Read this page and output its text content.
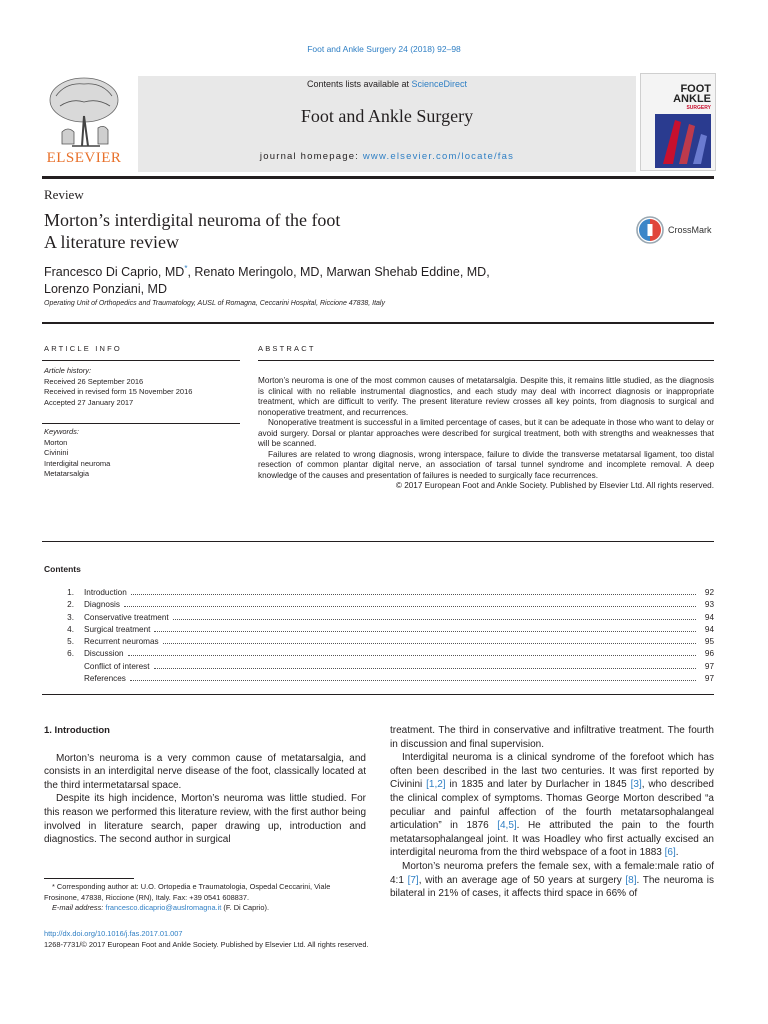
Foot and Ankle Surgery 24 (2018) 92–98
ELSEVIER
Contents lists available at ScienceDirect
Foot and Ankle Surgery
journal homepage: www.elsevier.com/locate/fas
FOOT
ANKLE
SURGERY
Review
Morton’s interdigital neuroma of the foot
A literature review
CrossMark
Francesco Di Caprio, MD*, Renato Meringolo, MD, Marwan Shehab Eddine, MD,
Lorenzo Ponziani, MD
Operating Unit of Orthopedics and Traumatology, AUSL of Romagna, Ceccarini Hospital, Riccione 47838, Italy
ARTICLE INFO	ABSTRACT
Article history:
Received 26 September 2016
Received in revised form 15 November 2016
Accepted 27 January 2017
Keywords:
Morton
Civinini
Interdigital neuroma
Metatarsalgia

Morton’s neuroma is one of the most common causes of metatarsalgia. Despite this, it remains little studied, as the diagnosis is clinical with no reliable instrumental diagnostics, and each study may deal with incorrect diagnosis or inappropriate treatment, which are difficult to verify. The present literature review crosses all key points, from diagnosis to surgical and nonoperative treatment, and recurrences.

Nonoperative treatment is successful in a limited percentage of cases, but it can be adequate in those who want to delay or avoid surgery. Dorsal or plantar approaches were described for surgical treatment, both with strengths and weaknesses that will be scanned.

Failures are related to wrong diagnosis, wrong interspace, failure to divide the transverse metatarsal ligament, too distal resection of common plantar digital nerve, an association of tarsal tunnel syndrome and incomplete removal. A deep knowledge of the causes and presentation of failures is needed to surgically face recurrences.

© 2017 European Foot and Ankle Society. Published by Elsevier Ltd. All rights reserved.

Contents
1. Introduction	92
2. Diagnosis	93
3. Conservative treatment	94
4. Surgical treatment	94
5. Recurrent neuromas	95
6. Discussion	96
Conflict of interest	97
References	97
1. Introduction

Morton’s neuroma is a very common cause of metatarsalgia, and consists in an interdigital nerve disease of the foot, classically located at the third intermetatarsal space.

Despite its high incidence, Morton’s neuroma was little studied. For this reason we performed this literature review, with the first author being involved in literature search, paper drawing up, introduction and diagnostics. The second author in surgical

treatment. The third in conservative and infiltrative treatment. The fourth in discussion and final supervision.

Interdigital neuroma is a clinical syndrome of the forefoot which has often been described in the last two centuries. It was first reported by Civinini [1,2] in 1835 and later by Durlacher in 1845 [3], who described the clinical complex of symptoms. Thomas George Morton described “a peculiar and painful affection of the fourth metatarsophalangeal articulation” in 1876 [4,5]. He attributed the pain to the fourth metatarsophalangeal joint. It was Hoadley who first actually excised an interdigital neuroma from the third webspace of a foot in 1883 [6].

Morton’s neuroma prefers the female sex, with a female:male ratio of 4:1 [7], with an average age of 50 years at surgery [8]. The neuroma is bilateral in 21% of cases, it affects third space in 66% of

* Corresponding author at: U.O. Ortopedia e Traumatologia, Ospedal Ceccarini, Viale Frosinone, 47838, Riccione (RN), Italy. Fax: +39 0541 608837.
E-mail address: francesco.dicaprio@auslromagna.it (F. Di Caprio).
http://dx.doi.org/10.1016/j.fas.2017.01.007
1268-7731/© 2017 European Foot and Ankle Society. Published by Elsevier Ltd. All rights reserved.
